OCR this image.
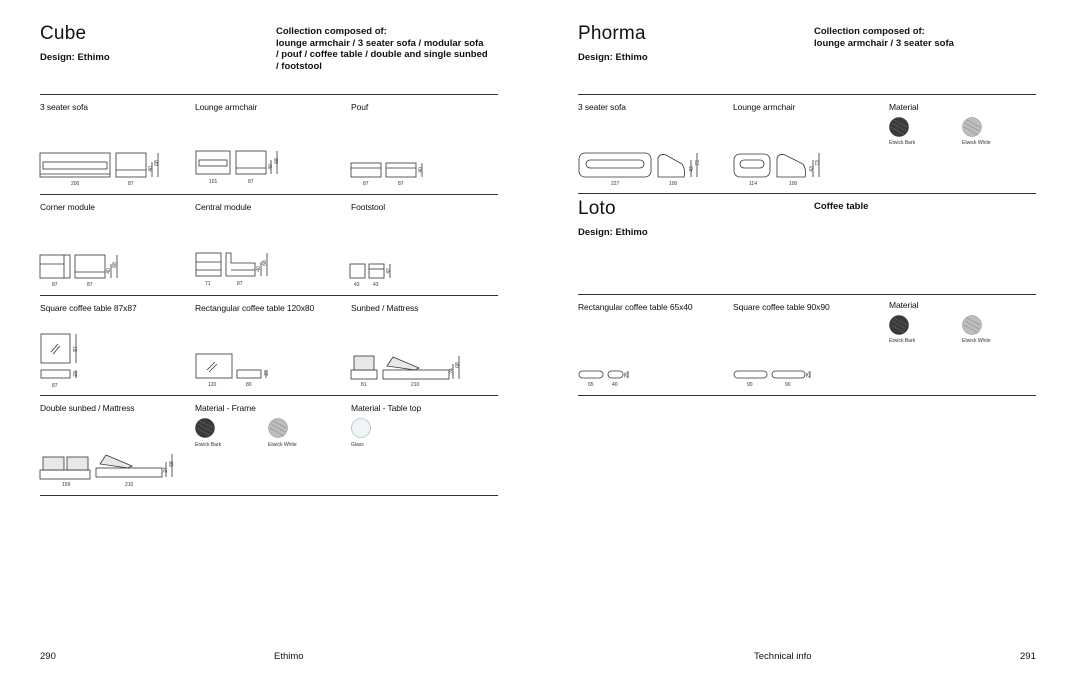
Cube
Design: Ethimo
Collection composed of:
lounge armchair / 3 seater sofa / modular sofa
/ pouf / coffee table / double and single sunbed
/ footstool
3 seater sofa	Lounge armchair	Pouf
200	87
40
68
101	87
40
68
87	87
40
Corner module	Central module	Footstool
87	87
40
68
71	87
40
68
43	43
42
Square coffee table 87x87	Rectangular coffee table 120x80	Sunbed / Mattress
87
87
23
120	80
23
81	210
24
68
Double sunbed / Mattress	Material - Frame	Material - Table top
159	210
24
68
Etwick Bark	Etwick White	Glass
Phorma
Design: Ethimo
Collection composed of:
lounge armchair / 3 seater sofa
3 seater sofa	Lounge armchair	Material
227	100
43
73
114	100
43
73
Etwick Bark	Etwick White
Loto
Design: Ethimo
Coffee table
Rectangular coffee table 65x40	Square coffee table 90x90	Material
65	40
25
90	90
25
Etwick Bark	Etwick White
290	Ethimo	Technical info	291
